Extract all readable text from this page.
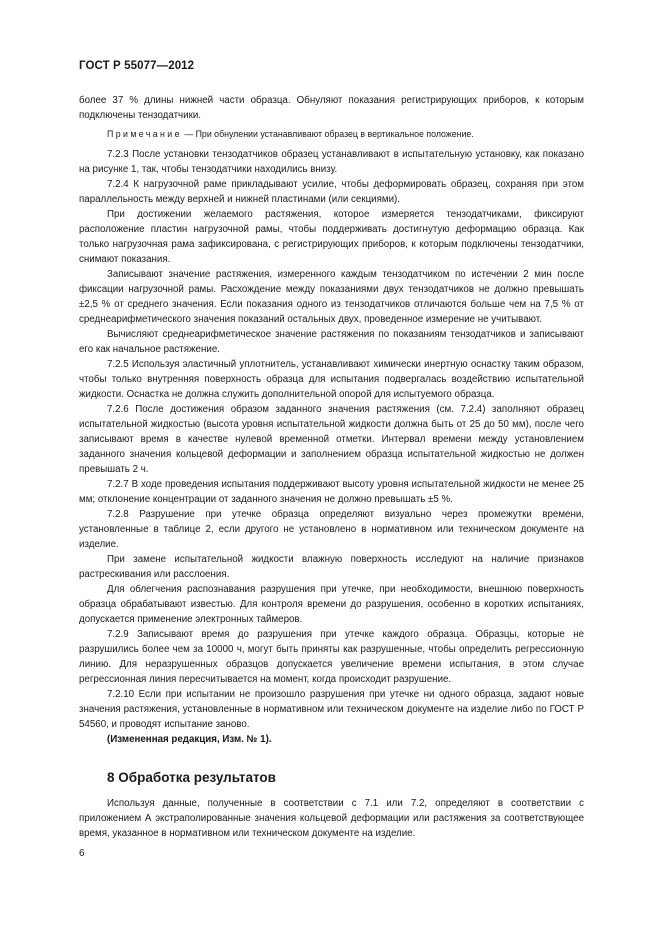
ГОСТ Р 55077—2012

более 37 % длины нижней части образца. Обнуляют показания регистрирующих приборов, к которым подключены тензодатчики.

Примечание — При обнулении устанавливают образец в вертикальное положение.

7.2.3 После установки тензодатчиков образец устанавливают в испытательную установку, как показано на рисунке 1, так, чтобы тензодатчики находились внизу.

7.2.4 К нагрузочной раме прикладывают усилие, чтобы деформировать образец, сохраняя при этом параллельность между верхней и нижней пластинами (или секциями).

При достижении желаемого растяжения, которое измеряется тензодатчиками, фиксируют расположение пластин нагрузочной рамы, чтобы поддерживать достигнутую деформацию образца. Как только нагрузочная рама зафиксирована, с регистрирующих приборов, к которым подключены тензодатчики, снимают показания.

Записывают значение растяжения, измеренного каждым тензодатчиком по истечении 2 мин после фиксации нагрузочной рамы. Расхождение между показаниями двух тензодатчиков не должно превышать ±2,5 % от среднего значения. Если показания одного из тензодатчиков отличаются больше чем на 7,5 % от среднеарифметического значения показаний остальных двух, проведенное измерение не учитывают.

Вычисляют среднеарифметическое значение растяжения по показаниям тензодатчиков и записывают его как начальное растяжение.

7.2.5 Используя эластичный уплотнитель, устанавливают химически инертную оснастку таким образом, чтобы только внутренняя поверхность образца для испытания подвергалась воздействию испытательной жидкости. Оснастка не должна служить дополнительной опорой для испытуемого образца.

7.2.6 После достижения образом заданного значения растяжения (см. 7.2.4) заполняют образец испытательной жидкостью (высота уровня испытательной жидкости должна быть от 25 до 50 мм), после чего записывают время в качестве нулевой временной отметки. Интервал времени между установлением заданного значения кольцевой деформации и заполнением образца испытательной жидкостью не должен превышать 2 ч.

7.2.7 В ходе проведения испытания поддерживают высоту уровня испытательной жидкости не менее 25 мм; отклонение концентрации от заданного значения не должно превышать ±5 %.

7.2.8 Разрушение при утечке образца определяют визуально через промежутки времени, установленные в таблице 2, если другого не установлено в нормативном или техническом документе на изделие.

При замене испытательной жидкости влажную поверхность исследуют на наличие признаков растрескивания или расслоения.

Для облегчения распознавания разрушения при утечке, при необходимости, внешнюю поверхность образца обрабатывают известью. Для контроля времени до разрушения, особенно в коротких испытаниях, допускается применение электронных таймеров.

7.2.9 Записывают время до разрушения при утечке каждого образца. Образцы, которые не разрушились более чем за 10000 ч, могут быть приняты как разрушенные, чтобы определить регрессионную линию. Для неразрушенных образцов допускается увеличение времени испытания, в этом случае регрессионная линия пересчитывается на момент, когда происходит разрушение.

7.2.10 Если при испытании не произошло разрушения при утечке ни одного образца, задают новые значения растяжения, установленные в нормативном или техническом документе на изделие либо по ГОСТ Р 54560, и проводят испытание заново.

(Измененная редакция, Изм. № 1).

8 Обработка результатов

Используя данные, полученные в соответствии с 7.1 или 7.2, определяют в соответствии с приложением А экстраполированные значения кольцевой деформации или растяжения за соответствующее время, указанное в нормативном или техническом документе на изделие.

6
